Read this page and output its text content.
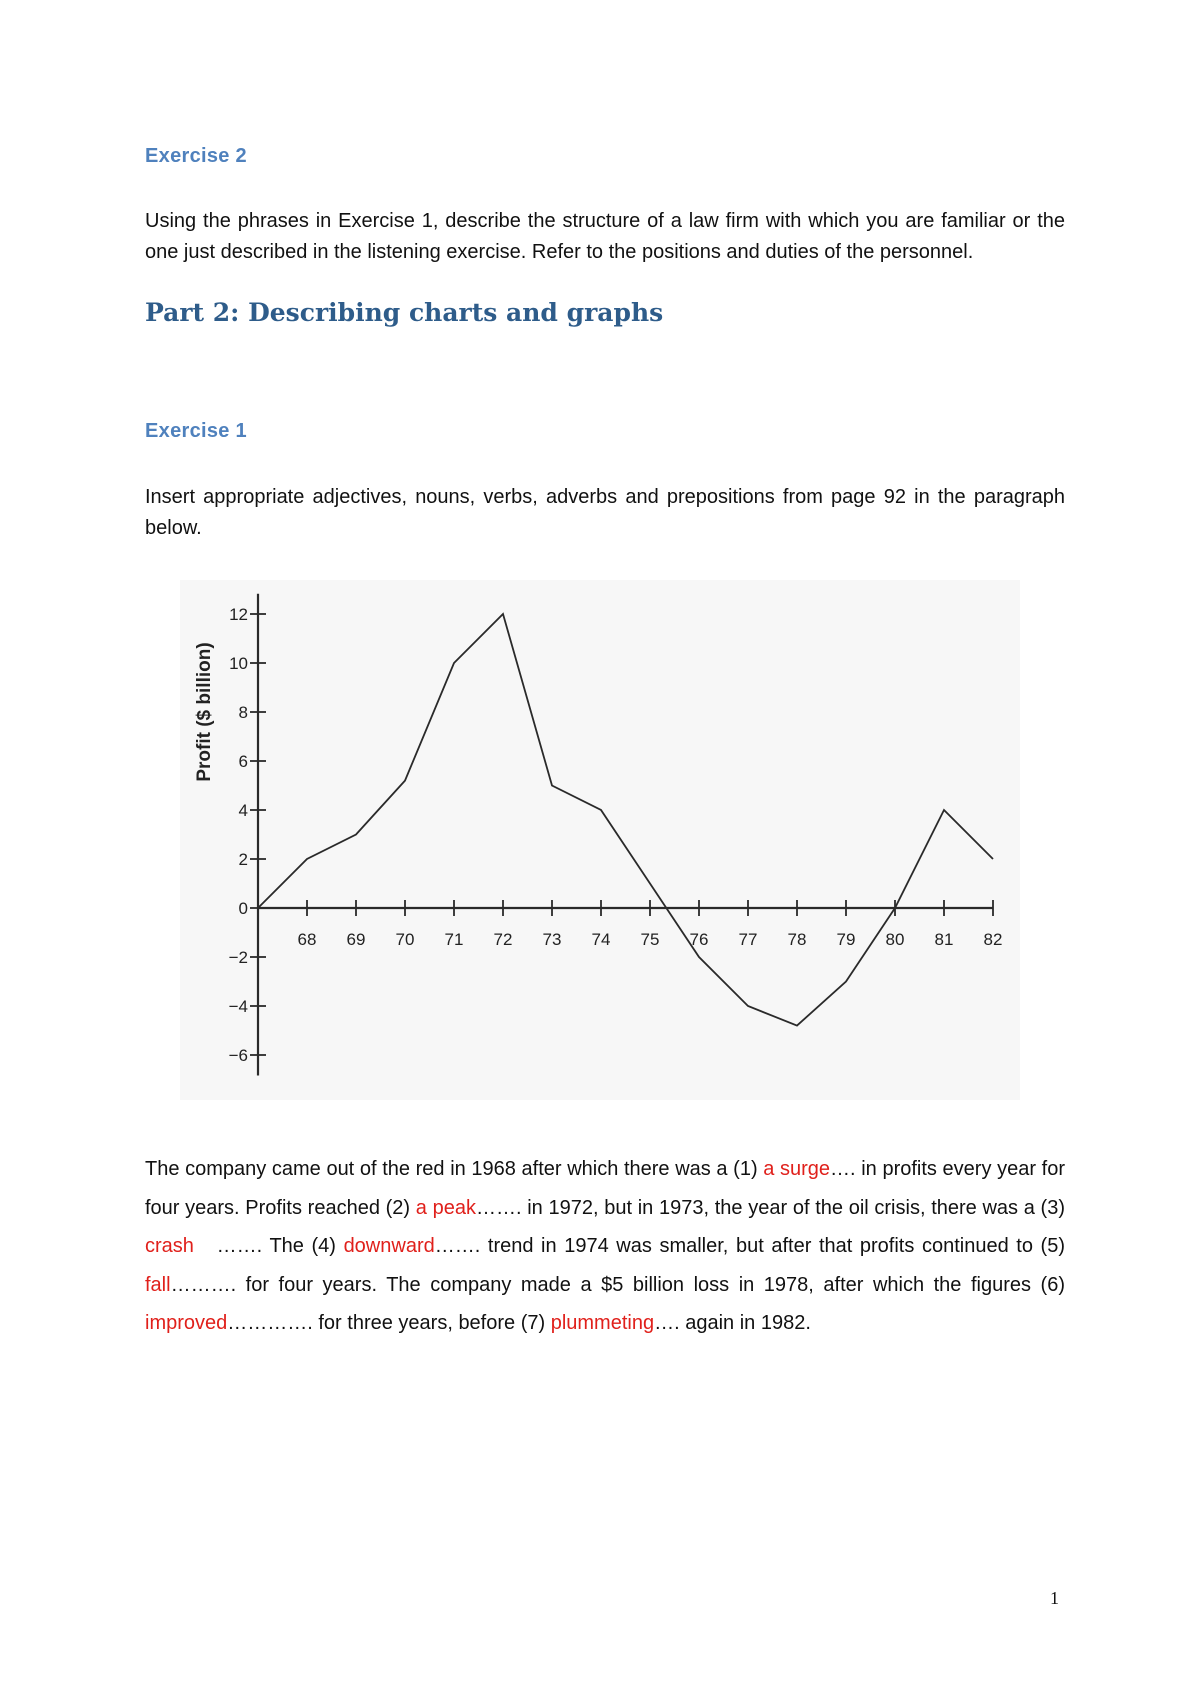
Exercise 2

Using the phrases in Exercise 1, describe the structure of a law firm with which you are familiar or the one just described in the listening exercise. Refer to the positions and duties of the personnel.

Part 2: Describing charts and graphs
Exercise 1

Insert appropriate adjectives, nouns, verbs, adverbs and prepositions from page 92 in the paragraph below.

12
10
8
6
4
2
0
−2
−4
−6
68 69 70 71 72 73 74 75 76 77 78 79 80 81 82
Profit ($ billion)

The company came out of the red in 1968 after which there was a (1) a surge…. in profits every year for four years. Profits reached (2) a peak……. in 1972, but in 1973, the year of the oil crisis, there was a (3) crash   ……. The (4) downward……. trend in 1974 was smaller, but after that profits continued to (5) fall………. for four years. The company made a $5 billion loss in 1978, after which the figures (6) improved…………. for three years, before (7) plummeting…. again in 1982.

1
